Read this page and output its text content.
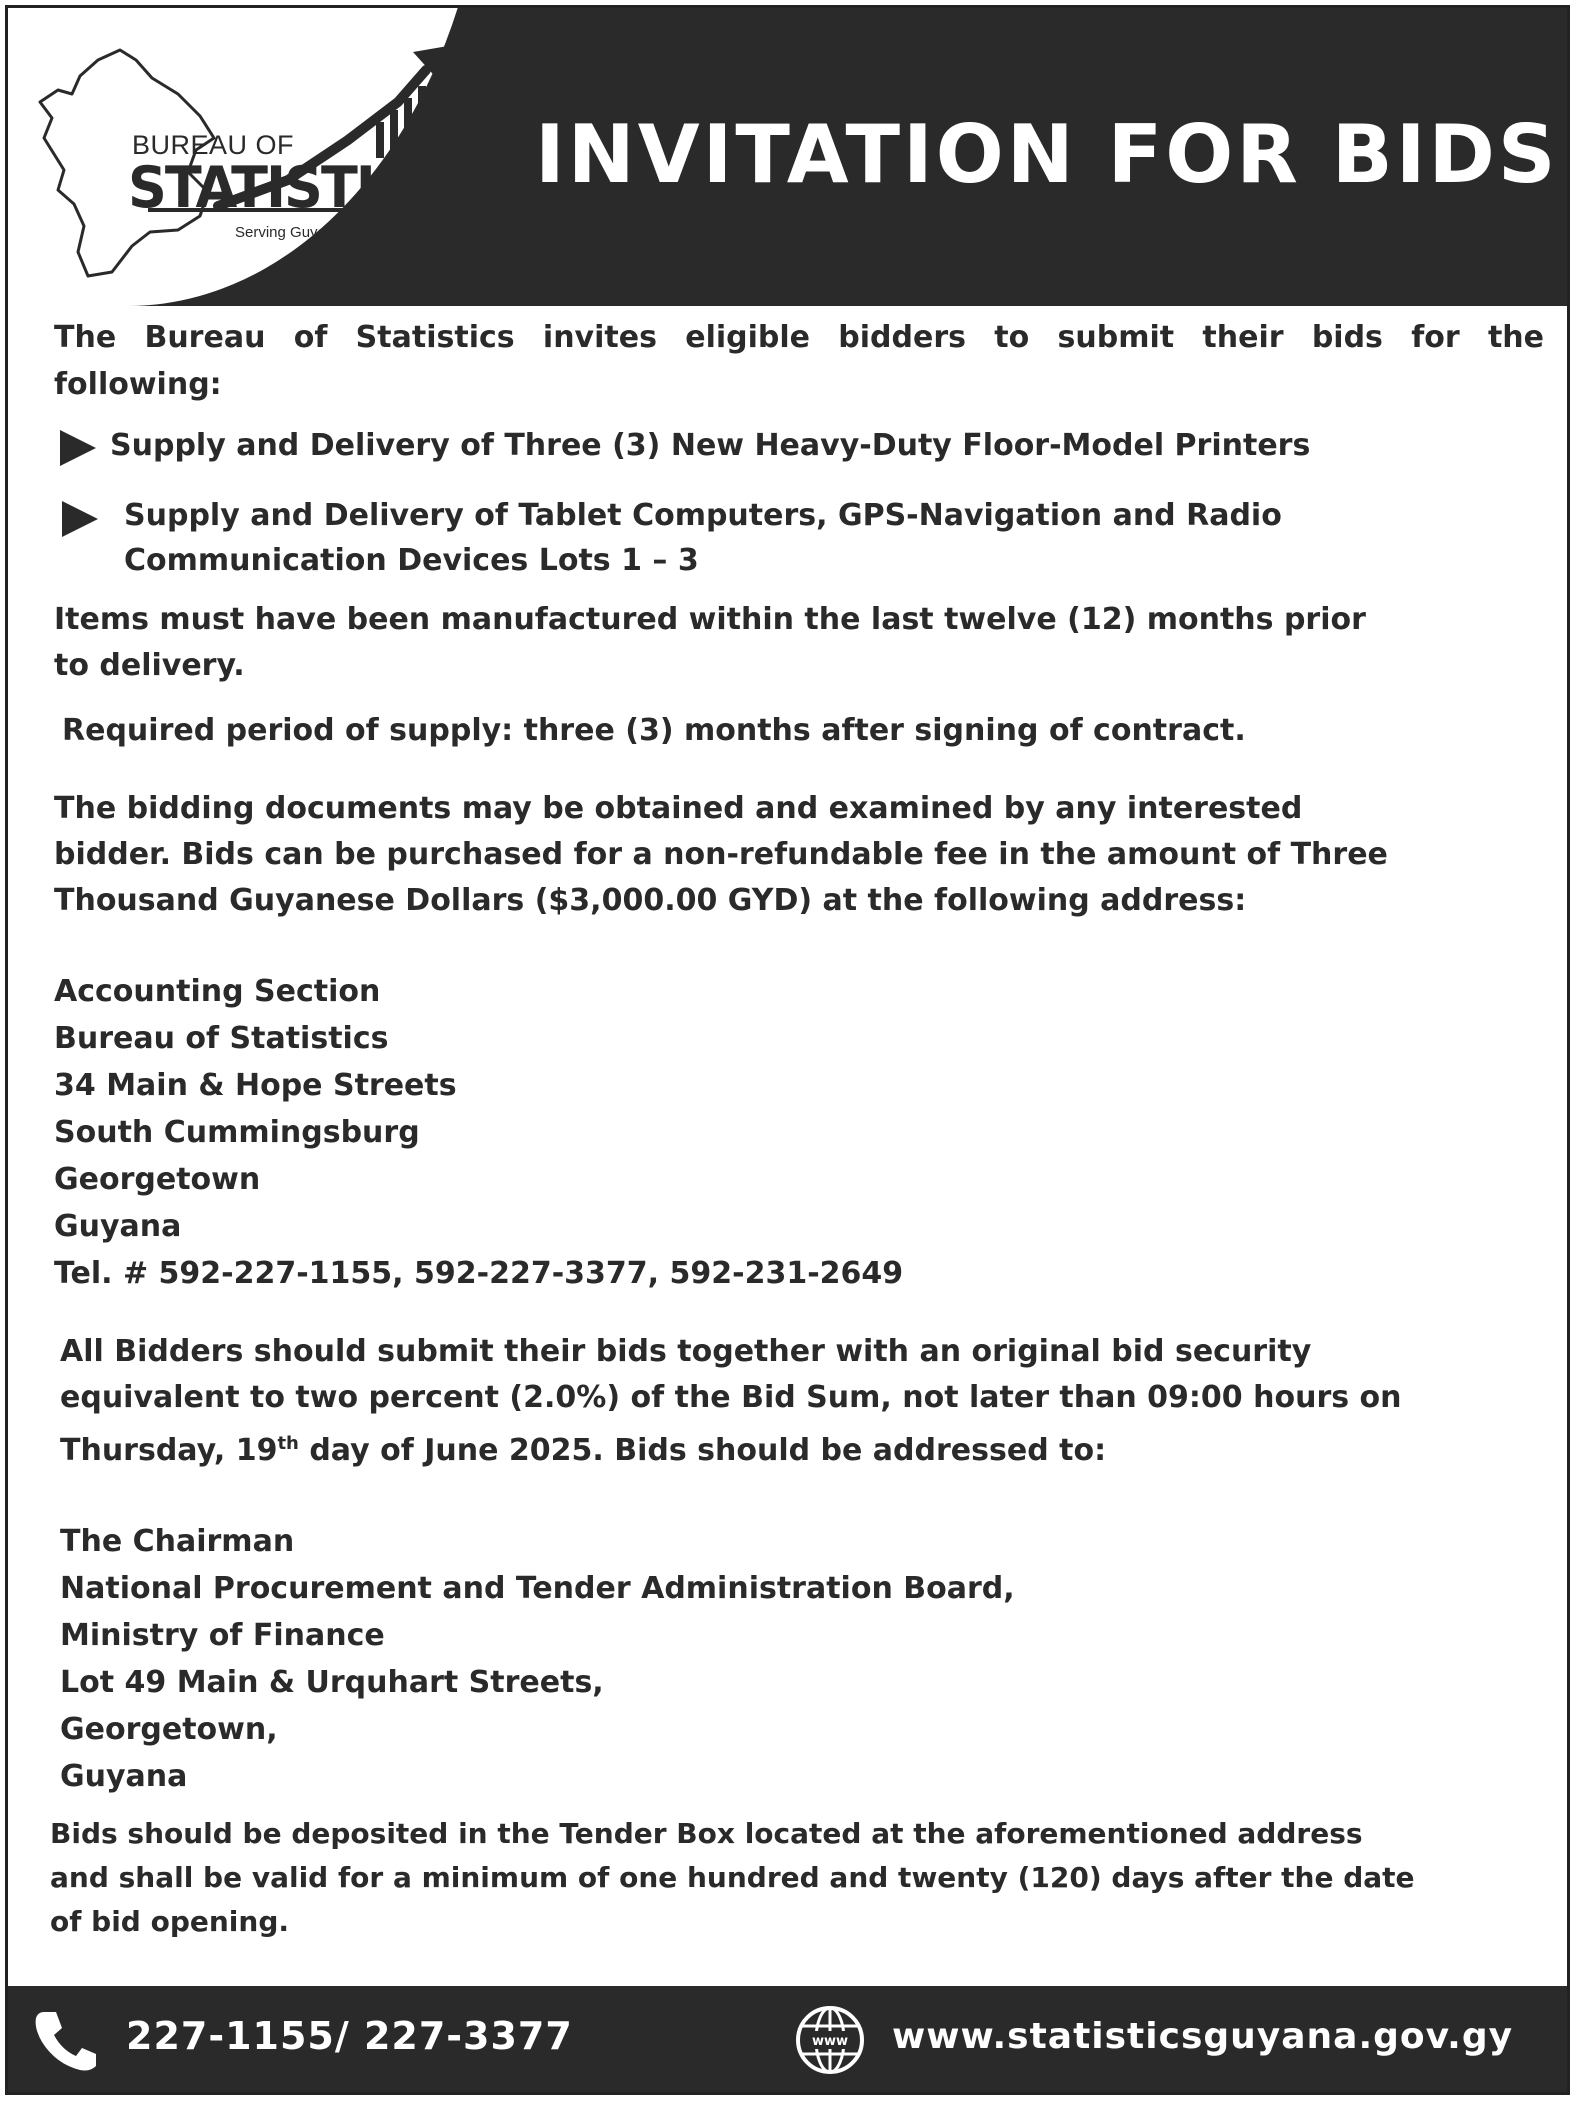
BUREAU OF
STATISTICS
Serving Guyana's Data Needs
INVITATION FOR BIDS

The Bureau of Statistics invites eligible bidders to submit their bids for the

following:

Supply and Delivery of Three (3) New Heavy-Duty Floor-Model Printers

Supply and Delivery of Tablet Computers, GPS-Navigation and Radio

Communication Devices Lots 1 – 3

Items must have been manufactured within the last twelve (12) months prior

to delivery.

Required period of supply: three (3) months after signing of contract.

The bidding documents may be obtained and examined by any interested

bidder. Bids can be purchased for a non-refundable fee in the amount of Three

Thousand Guyanese Dollars ($3,000.00 GYD) at the following address:

Accounting Section

Bureau of Statistics

34 Main & Hope Streets

South Cummingsburg

Georgetown

Guyana

Tel. # 592-227-1155, 592-227-3377, 592-231-2649

All Bidders should submit their bids together with an original bid security

equivalent to two percent (2.0%) of the Bid Sum, not later than 09:00 hours on

Thursday, 19th day of June 2025. Bids should be addressed to:

The Chairman

National Procurement and Tender Administration Board,

Ministry of Finance

Lot 49 Main & Urquhart Streets,

Georgetown,

Guyana

Bids should be deposited in the Tender Box located at the aforementioned address

and shall be valid for a minimum of one hundred and twenty (120) days after the date

of bid opening.

227-1155/ 227-3377	www www.statisticsguyana.gov.gy
